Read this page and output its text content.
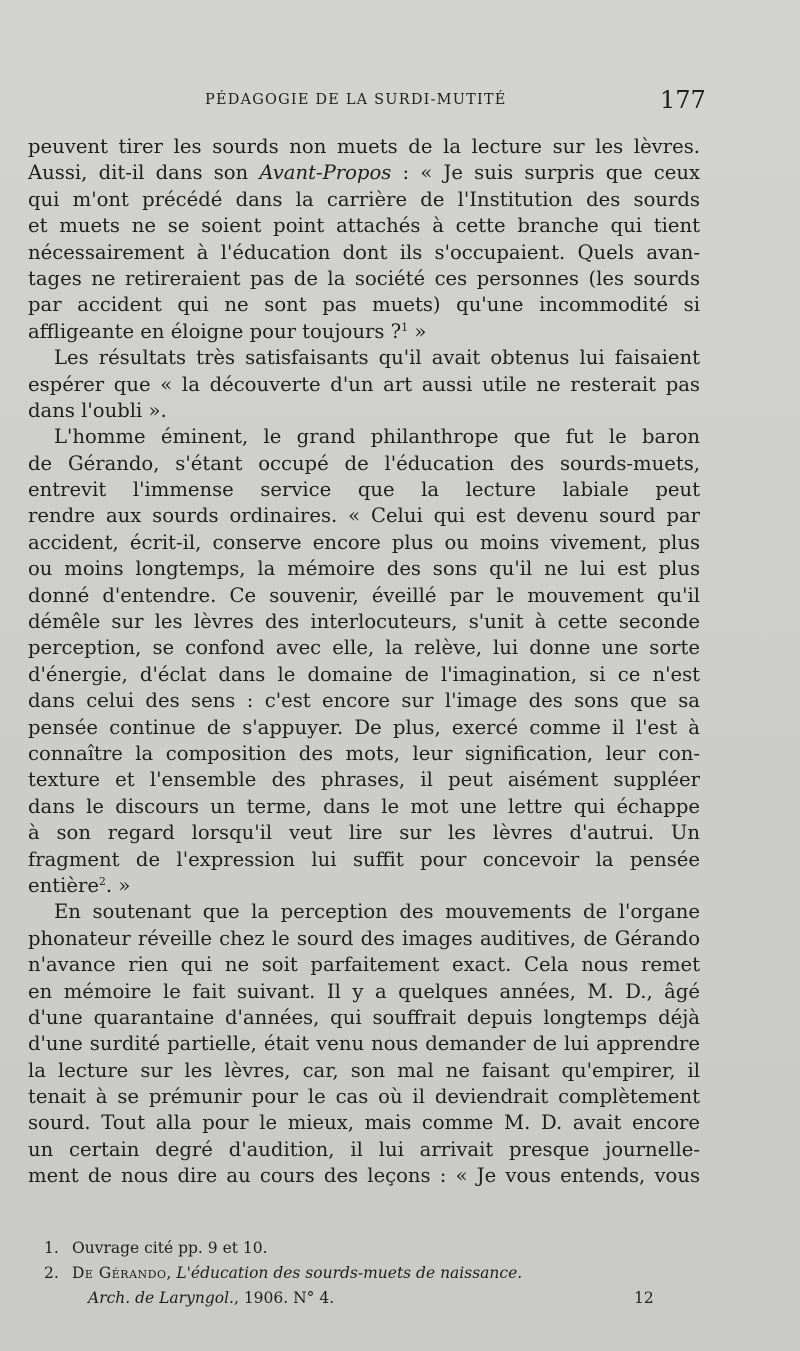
PÉDAGOGIE DE LA SURDI-MUTITÉ	177
peuvent tirer les sourds non muets de la lecture sur les lèvres.
Aussi, dit-il dans son Avant-Propos : « Je suis surpris que ceux
qui m'ont précédé dans la carrière de l'Institution des sourds
et muets ne se soient point attachés à cette branche qui tient
nécessairement à l'éducation dont ils s'occupaient. Quels avan-
tages ne retireraient pas de la société ces personnes (les sourds
par accident qui ne sont pas muets) qu'une incommodité si
affligeante en éloigne pour toujours ?$^1$ »
Les résultats très satisfaisants qu'il avait obtenus lui faisaient
espérer que « la découverte d'un art aussi utile ne resterait pas
dans l'oubli ».
L'homme éminent, le grand philanthrope que fut le baron
de Gérando, s'étant occupé de l'éducation des sourds-muets,
entrevit l'immense service que la lecture labiale peut
rendre aux sourds ordinaires. « Celui qui est devenu sourd par
accident, écrit-il, conserve encore plus ou moins vivement, plus
ou moins longtemps, la mémoire des sons qu'il ne lui est plus
donné d'entendre. Ce souvenir, éveillé par le mouvement qu'il
démêle sur les lèvres des interlocuteurs, s'unit à cette seconde
perception, se confond avec elle, la relève, lui donne une sorte
d'énergie, d'éclat dans le domaine de l'imagination, si ce n'est
dans celui des sens : c'est encore sur l'image des sons que sa
pensée continue de s'appuyer. De plus, exercé comme il l'est à
connaître la composition des mots, leur signification, leur con-
texture et l'ensemble des phrases, il peut aisément suppléer
dans le discours un terme, dans le mot une lettre qui échappe
à son regard lorsqu'il veut lire sur les lèvres d'autrui. Un
fragment de l'expression lui suffit pour concevoir la pensée
entière$^2$. »
En soutenant que la perception des mouvements de l'organe
phonateur réveille chez le sourd des images auditives, de Gérando
n'avance rien qui ne soit parfaitement exact. Cela nous remet
en mémoire le fait suivant. Il y a quelques années, M. D., âgé
d'une quarantaine d'années, qui souffrait depuis longtemps déjà
d'une surdité partielle, était venu nous demander de lui apprendre
la lecture sur les lèvres, car, son mal ne faisant qu'empirer, il
tenait à se prémunir pour le cas où il deviendrait complètement
sourd. Tout alla pour le mieux, mais comme M. D. avait encore
un certain degré d'audition, il lui arrivait presque journelle-
ment de nous dire au cours des leçons : « Je vous entends, vous
1. Ouvrage cité pp. 9 et 10.
2. De Gérando, L'éducation des sourds-muets de naissance.
Arch. de Laryngol., 1906. N° 4.	12
